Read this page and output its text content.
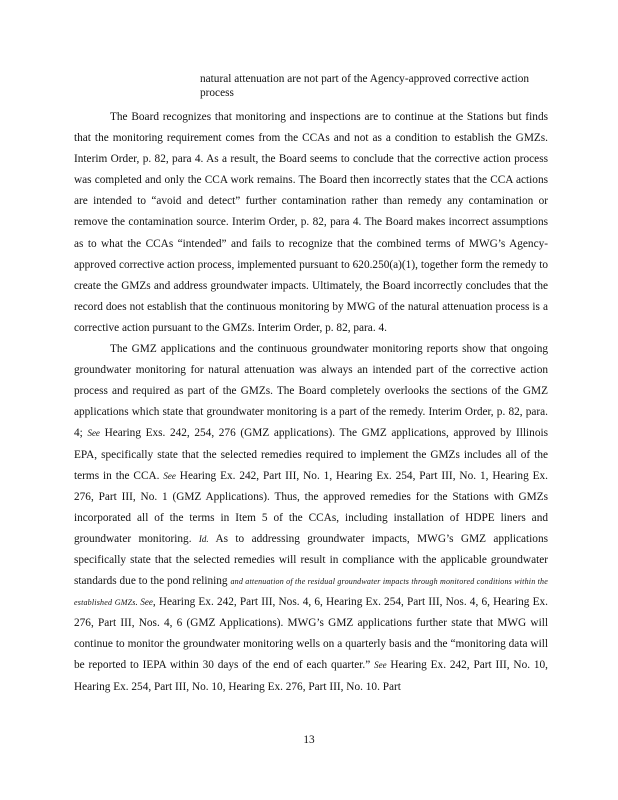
natural attenuation are not part of the Agency-approved corrective action process

The Board recognizes that monitoring and inspections are to continue at the Stations but finds that the monitoring requirement comes from the CCAs and not as a condition to establish the GMZs. Interim Order, p. 82, para 4. As a result, the Board seems to conclude that the corrective action process was completed and only the CCA work remains. The Board then incorrectly states that the CCA actions are intended to “avoid and detect” further contamination rather than remedy any contamination or remove the contamination source. Interim Order, p. 82, para 4. The Board makes incorrect assumptions as to what the CCAs “intended” and fails to recognize that the combined terms of MWG’s Agency-approved corrective action process, implemented pursuant to 620.250(a)(1), together form the remedy to create the GMZs and address groundwater impacts. Ultimately, the Board incorrectly concludes that the record does not establish that the continuous monitoring by MWG of the natural attenuation process is a corrective action pursuant to the GMZs. Interim Order, p. 82, para. 4.

The GMZ applications and the continuous groundwater monitoring reports show that ongoing groundwater monitoring for natural attenuation was always an intended part of the corrective action process and required as part of the GMZs. The Board completely overlooks the sections of the GMZ applications which state that groundwater monitoring is a part of the remedy. Interim Order, p. 82, para. 4; See Hearing Exs. 242, 254, 276 (GMZ applications). The GMZ applications, approved by Illinois EPA, specifically state that the selected remedies required to implement the GMZs includes all of the terms in the CCA. See Hearing Ex. 242, Part III, No. 1, Hearing Ex. 254, Part III, No. 1, Hearing Ex. 276, Part III, No. 1 (GMZ Applications). Thus, the approved remedies for the Stations with GMZs incorporated all of the terms in Item 5 of the CCAs, including installation of HDPE liners and groundwater monitoring. Id. As to addressing groundwater impacts, MWG’s GMZ applications specifically state that the selected remedies will result in compliance with the applicable groundwater standards due to the pond relining and attenuation of the residual groundwater impacts through monitored conditions within the established GMZs. See, Hearing Ex. 242, Part III, Nos. 4, 6, Hearing Ex. 254, Part III, Nos. 4, 6, Hearing Ex. 276, Part III, Nos. 4, 6 (GMZ Applications). MWG’s GMZ applications further state that MWG will continue to monitor the groundwater monitoring wells on a quarterly basis and the “monitoring data will be reported to IEPA within 30 days of the end of each quarter.” See Hearing Ex. 242, Part III, No. 10, Hearing Ex. 254, Part III, No. 10, Hearing Ex. 276, Part III, No. 10. Part

13
